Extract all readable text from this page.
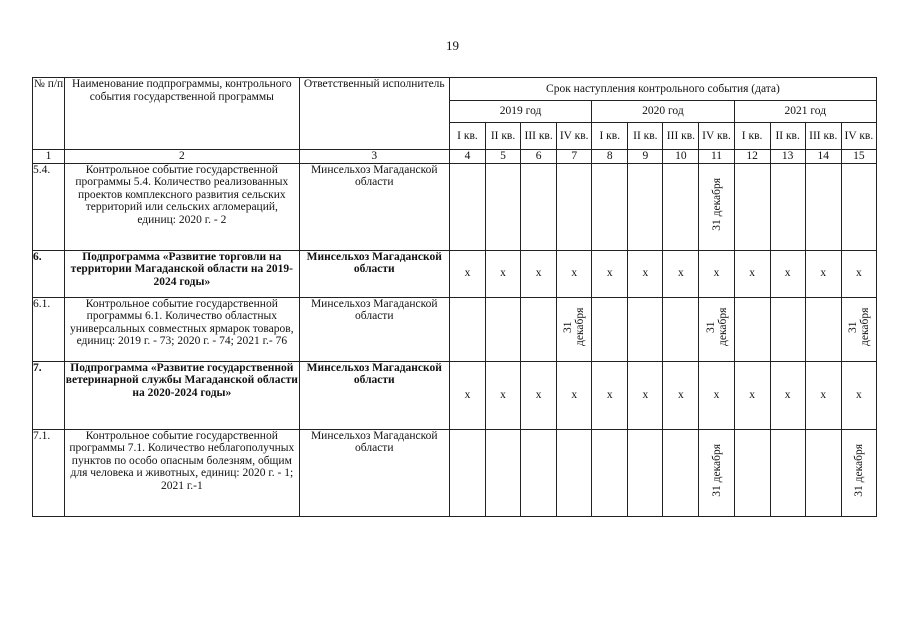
19
№ п/п	Наименование подпрограммы, контрольного события государственной программы	Ответственный исполнитель	Срок наступления контрольного события (дата)											
			2019 год				2020 год				2021 год			
			I кв.	II кв.	III кв.	IV кв.	I кв.	II кв.	III кв.	IV кв.	I кв.	II кв.	III кв.	IV кв.
1	2	3	4	5	6	7	8	9	10	11	12	13	14	15
5.4.	Контрольное событие государственной программы 5.4. Количество реализованных проектов комплексного развития сельских территорий или сельских агломераций, единиц: 2020 г. - 2	Минсельхоз Магаданской области								31 декабря				
6.	Подпрограмма «Развитие торговли на территории Магаданской области на 2019-2024 годы»	Минсельхоз Магаданской области	х	х	х	х	х	х	х	х	х	х	х	х
6.1.	Контрольное событие государственной программы 6.1. Количество областных универсальных совместных ярмарок товаров, единиц: 2019 г. - 73; 2020 г. - 74; 2021 г.- 76	Минсельхоз Магаданской области				31 декабря				31 декабря				31 декабря
7.	Подпрограмма «Развитие государственной ветеринарной службы Магаданской области на 2020-2024 годы»	Минсельхоз Магаданской области	х	х	х	х	х	х	х	х	х	х	х	х
7.1.	Контрольное событие государственной программы 7.1. Количество неблагополучных пунктов по особо опасным болезням, общим для человека и животных, единиц: 2020 г. - 1; 2021 г.-1	Минсельхоз Магаданской области								31 декабря				31 декабря
